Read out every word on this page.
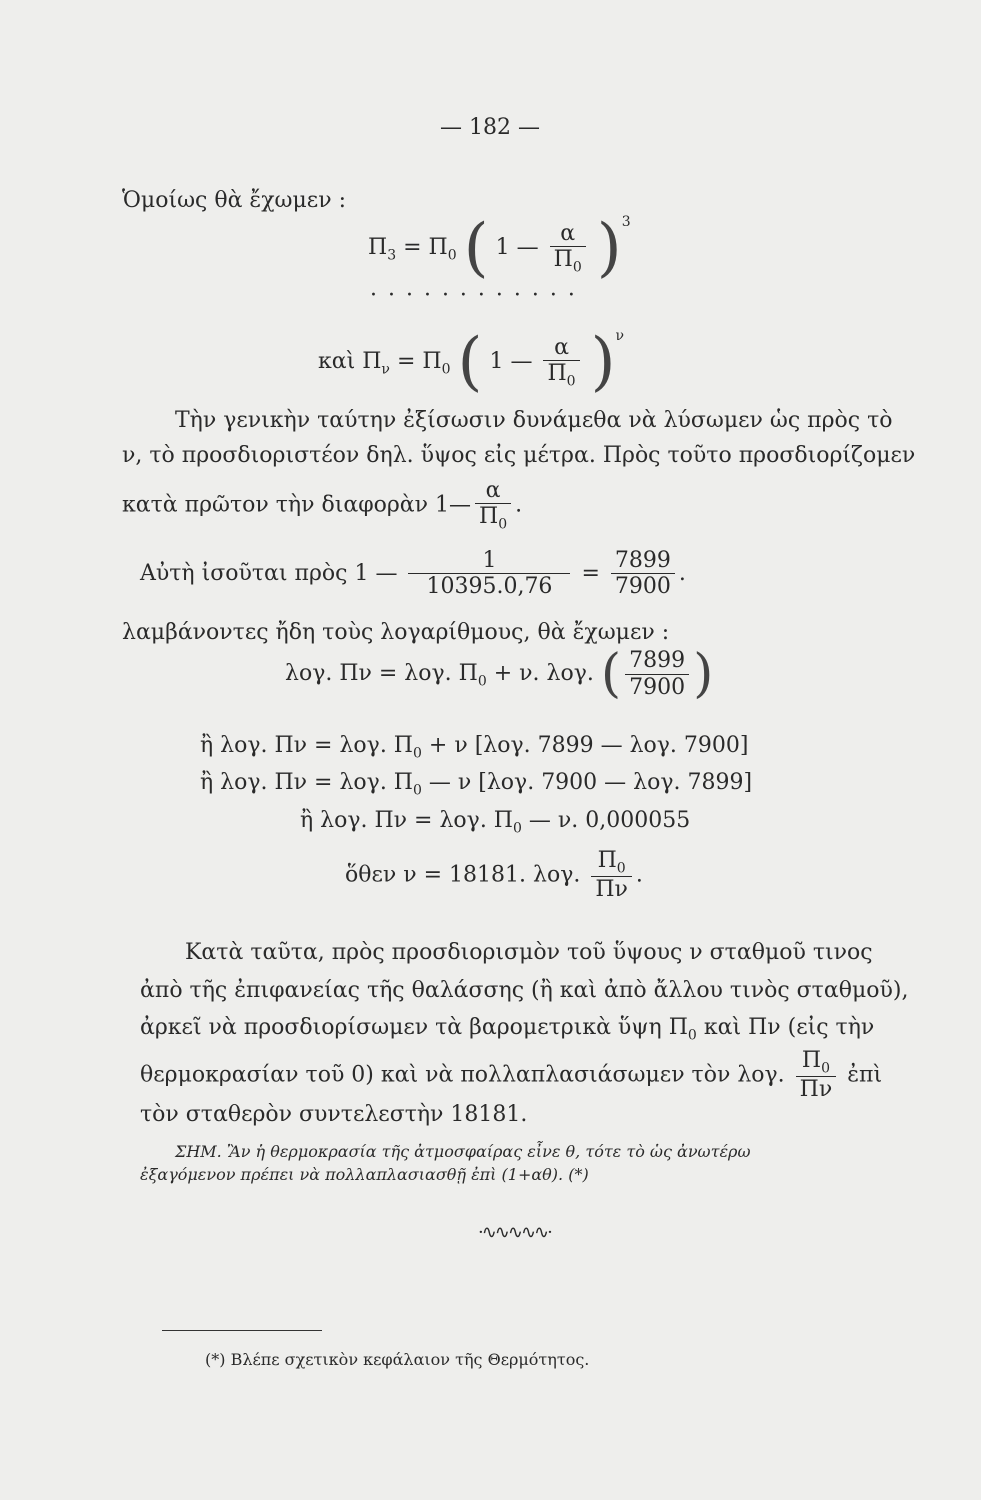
— 182 —
Ὁμοίως θὰ ἔχωμεν :
$\Pi_3 = \Pi_0$ ( 1 — $\frac{\alpha}{\Pi_0} )^3$
· · · · · · · · · · · ·
καὶ $\Pi_\nu = \Pi_0$ ( 1 — $\frac{\alpha}{\Pi_0} )^\nu$
Τὴν γενικὴν ταύτην ἐξίσωσιν δυνάμεθα νὰ λύσωμεν ὡς πρὸς τὸ
ν, τὸ προσδιοριστέον δηλ. ὕψος εἰς μέτρα. Πρὸς τοῦτο προσδιορίζομεν
κατὰ πρῶτον τὴν διαφορὰν 1— $\frac{\alpha}{\Pi_0}$ .
Αὐτὴ ἰσοῦται πρὸς 1 — $\frac{1}{10395.0,76} = \frac{7899}{7900}$ .
λαμβάνοντες ἤδη τοὺς λογαρίθμους, θὰ ἔχωμεν :
λογ. Πν = λογ. $\Pi_0 + \nu$. λογ. ( $\frac{7899}{7900}$ )
ἢ λογ. Πν = λογ. $\Pi_0 + \nu$ [λογ. 7899 — λογ. 7900]
ἢ λογ. Πν = λογ. $\Pi_0$ — ν [λογ. 7900 — λογ. 7899]
ἢ λογ. Πν = λογ. $\Pi_0$ — ν. 0,000055
ὅθεν ν = 18181. λογ. $\frac{\Pi_0}{\Pi\nu}$ .
Κατὰ ταῦτα, πρὸς προσδιορισμὸν τοῦ ὕψους ν σταθμοῦ τινος
ἀπὸ τῆς ἐπιφανείας τῆς θαλάσσης (ἢ καὶ ἀπὸ ἄλλου τινὸς σταθμοῦ),
ἀρκεῖ νὰ προσδιορίσωμεν τὰ βαρομετρικὰ ὕψη $\Pi_0$ καὶ Πν (εἰς τὴν
θερμοκρασίαν τοῦ 0) καὶ νὰ πολλαπλασιάσωμεν τὸν λογ. $\frac{\Pi_0}{\Pi\nu}$ ἐπὶ
τὸν σταθερὸν συντελεστὴν 18181.
ΣΗΜ. Ἂν ἡ θερμοκρασία τῆς ἀτμοσφαίρας εἶνε θ, τότε τὸ ὡς ἀνωτέρω
ἐξαγόμενον πρέπει νὰ πολλαπλασιασθῇ ἐπὶ (1+αθ). (*)
·∿∿∿∿∿·
(*) Βλέπε σχετικὸν κεφάλαιον τῆς Θερμότητος.
